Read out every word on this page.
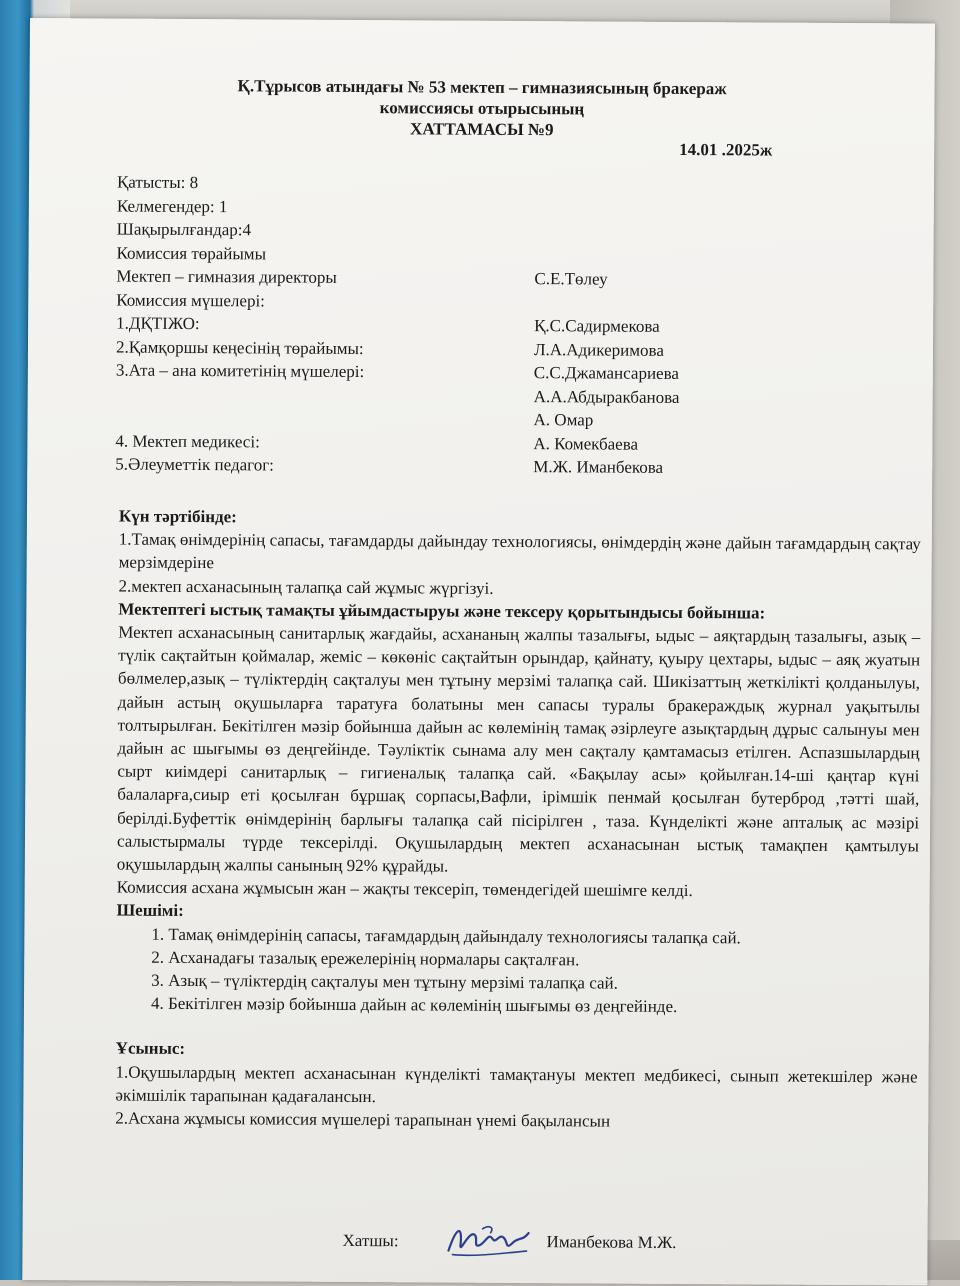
Қ.Тұрысов атындағы № 53 мектеп – гимназиясының бракераж
комиссиясы отырысының
ХАТТАМАСЫ №9
14.01 .2025ж
Қатысты: 8
Келмегендер: 1
Шақырылғандар:4
Комиссия төрайымы
Мектеп – гимназия директоры	С.Е.Төлеу
Комиссия мүшелері:
1.ДҚТІЖО:	Қ.С.Садирмекова
2.Қамқоршы кеңесінің төрайымы:	Л.А.Адикеримова
3.Ата – ана комитетінің мүшелері:	С.С.Джамансариева
А.А.Абдыракбанова
А. Омар
4. Мектеп медикесі:	А. Комекбаева
5.Әлеуметтік педагог:	М.Ж. Иманбекова

Күн тәртібінде:

1.Тамақ өнімдерінің сапасы, тағамдарды дайындау технологиясы, өнімдердің және дайын тағамдардың сақтау мерзімдеріне

2.мектеп асханасының талапқа сай жұмыс жүргізуі.

Мектептегі ыстық тамақты ұйымдастыруы және тексеру қорытындысы бойынша:

Мектеп асханасының санитарлық жағдайы, асхананың жалпы тазалығы, ыдыс – аяқтардың тазалығы, азық –түлік сақтайтын қоймалар, жеміс – көкөніс сақтайтын орындар, қайнату, қуыру цехтары, ыдыс – аяқ жуатын бөлмелер,азық – түліктердің сақталуы мен тұтыну мерзімі талапқа сай. Шикізаттың жеткілікті қолданылуы, дайын астың оқушыларға таратуға болатыны мен сапасы туралы бракераждық журнал уақытылы толтырылған. Бекітілген мәзір бойынша дайын ас көлемінің тамақ әзірлеуге азықтардың дұрыс салынуы мен дайын ас шығымы өз деңгейінде. Тәуліктік сынама алу мен сақталу қамтамасыз етілген. Аспазшылардың сырт киімдері санитарлық – гигиеналық талапқа сай. «Бақылау асы» қойылған.14-ші қаңтар күні балаларға,сиыр еті қосылған бұршақ сорпасы,Вафли, ірімшік пенмай қосылған бутерброд ,тәтті шай, берілді.Буфеттік өнімдерінің барлығы талапқа сай пісірілген , таза. Күнделікті және апталық ас мәзірі салыстырмалы түрде тексерілді. Оқушылардың мектеп асханасынан ыстық тамақпен қамтылуы оқушылардың жалпы санының 92% құрайды.

Комиссия асхана жұмысын жан – жақты тексеріп, төмендегідей шешімге келді.

Шешімі:

1. Тамақ өнімдерінің сапасы, тағамдардың дайындалу технологиясы талапқа сай.
2. Асханадағы тазалық ережелерінің нормалары сақталған.
3. Азық – түліктердің сақталуы мен тұтыну мерзімі талапқа сай.
4. Бекітілген мәзір бойынша дайын ас көлемінің шығымы өз деңгейінде.

Ұсыныс:

1.Оқушылардың мектеп асханасынан күнделікті тамақтануы мектеп медбикесі, сынып жетекшілер және әкімшілік тарапынан қадағалансын.

2.Асхана жұмысы комиссия мүшелері тарапынан үнемі бақылансын

Хатшы:	Иманбекова М.Ж.
